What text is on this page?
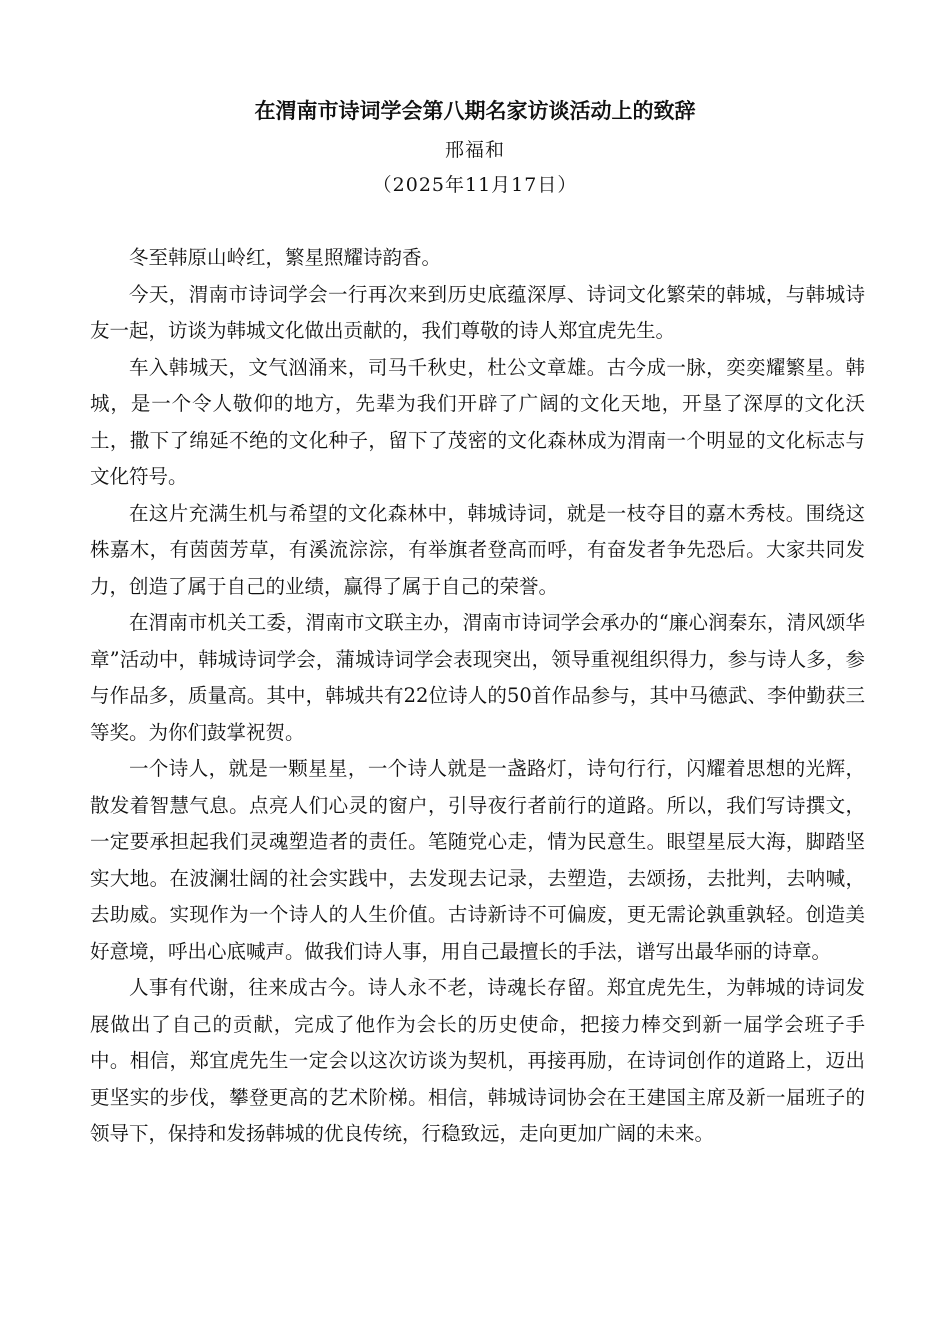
在渭南市诗词学会第八期名家访谈活动上的致辞
邢福和
（2025年11月17日）

冬至韩原山岭红，繁星照耀诗韵香。

今天，渭南市诗词学会一行再次来到历史底蕴深厚、诗词文化繁荣的韩城，与韩城诗友一起，访谈为韩城文化做出贡献的，我们尊敬的诗人郑宜虎先生。

车入韩城天，文气汹涌来，司马千秋史，杜公文章雄。古今成一脉，奕奕耀繁星。韩城，是一个令人敬仰的地方，先辈为我们开辟了广阔的文化天地，开垦了深厚的文化沃土，撒下了绵延不绝的文化种子，留下了茂密的文化森林成为渭南一个明显的文化标志与文化符号。

在这片充满生机与希望的文化森林中，韩城诗词，就是一枝夺目的嘉木秀枝。围绕这株嘉木，有茵茵芳草，有溪流淙淙，有举旗者登高而呼，有奋发者争先恐后。大家共同发力，创造了属于自己的业绩，赢得了属于自己的荣誉。

在渭南市机关工委，渭南市文联主办，渭南市诗词学会承办的“廉心润秦东，清风颂华章”活动中，韩城诗词学会，蒲城诗词学会表现突出，领导重视组织得力，参与诗人多，参与作品多，质量高。其中，韩城共有22位诗人的50首作品参与，其中马德武、李仲勤获三等奖。为你们鼓掌祝贺。

一个诗人，就是一颗星星，一个诗人就是一盏路灯，诗句行行，闪耀着思想的光辉，散发着智慧气息。点亮人们心灵的窗户，引导夜行者前行的道路。所以，我们写诗撰文，一定要承担起我们灵魂塑造者的责任。笔随党心走，情为民意生。眼望星辰大海，脚踏坚实大地。在波澜壮阔的社会实践中，去发现去记录，去塑造，去颂扬，去批判，去呐喊，去助威。实现作为一个诗人的人生价值。古诗新诗不可偏废，更无需论孰重孰轻。创造美好意境，呼出心底喊声。做我们诗人事，用自己最擅长的手法，谱写出最华丽的诗章。

人事有代谢，往来成古今。诗人永不老，诗魂长存留。郑宜虎先生，为韩城的诗词发展做出了自己的贡献，完成了他作为会长的历史使命，把接力棒交到新一届学会班子手中。相信，郑宜虎先生一定会以这次访谈为契机，再接再励，在诗词创作的道路上，迈出更坚实的步伐，攀登更高的艺术阶梯。相信，韩城诗词协会在王建国主席及新一届班子的领导下，保持和发扬韩城的优良传统，行稳致远，走向更加广阔的未来。
